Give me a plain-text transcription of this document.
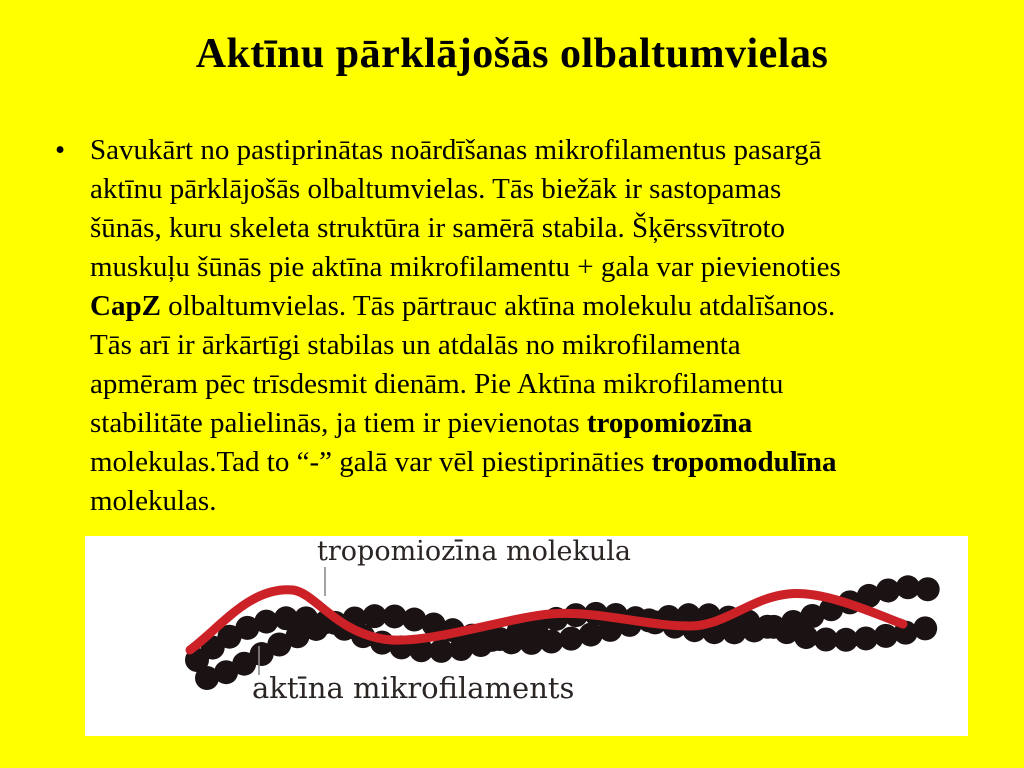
Aktīnu pārklājošās olbaltumvielas
• Savukārt no pastiprinātas noārdīšanas mikrofilamentus pasargā
aktīnu pārklājošās olbaltumvielas. Tās biežāk ir sastopamas
šūnās, kuru skeleta struktūra ir samērā stabila. Šķērssvītroto
muskuļu šūnās pie aktīna mikrofilamentu + gala var pievienoties
CapZ olbaltumvielas. Tās pārtrauc aktīna molekulu atdalīšanos.
Tās arī ir ārkārtīgi stabilas un atdalās no mikrofilamenta
apmēram pēc trīsdesmit dienām. Pie Aktīna mikrofilamentu
stabilitāte palielinās, ja tiem ir pievienotas tropomiozīna
molekulas.Tad to “-” galā var vēl piestiprināties tropomodulīna
molekulas.
tropomiozīna molekula
aktīna mikrofilaments
